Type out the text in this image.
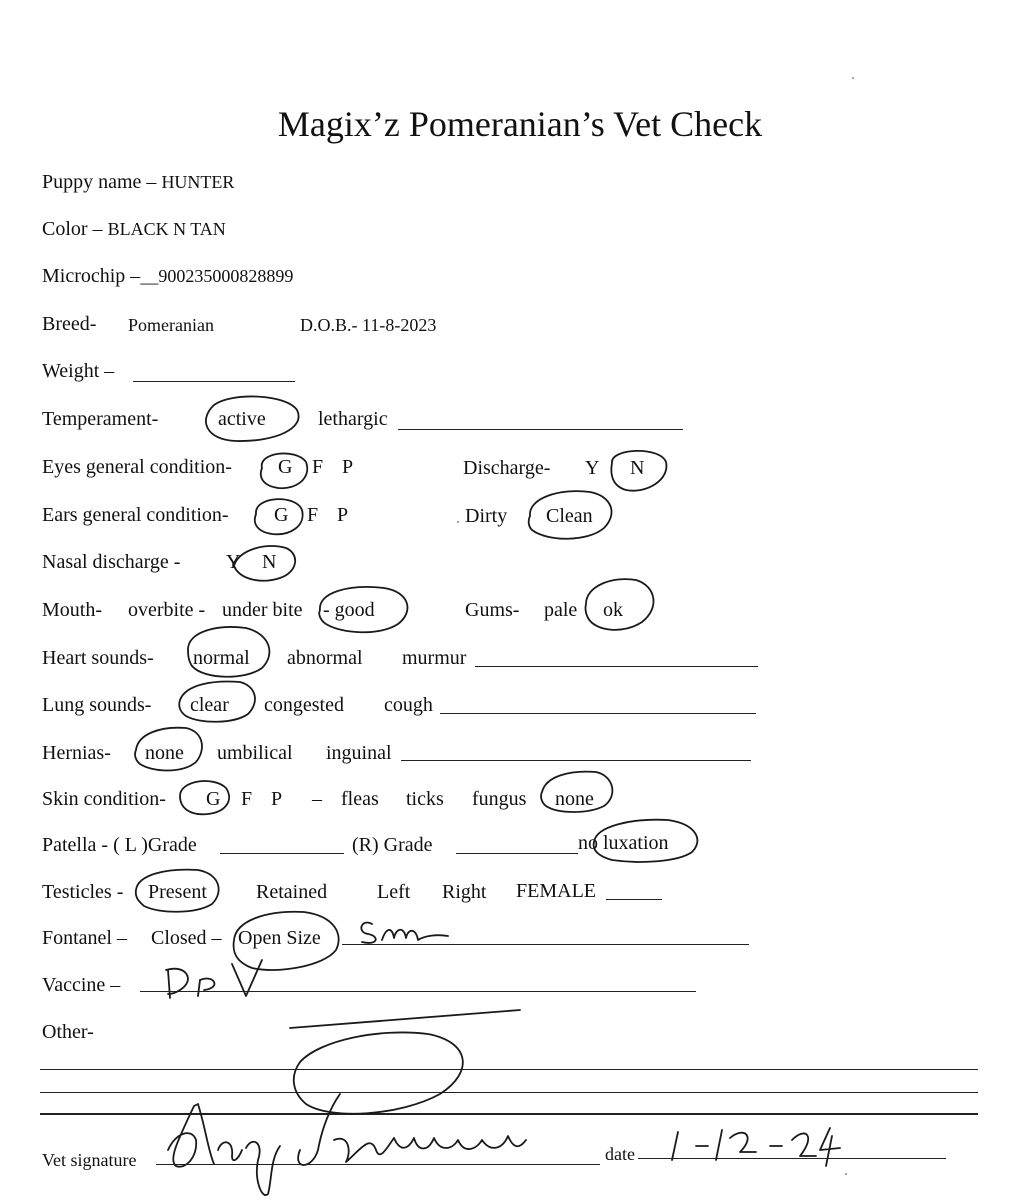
Magix’z Pomeranian’s Vet Check
Puppy name – HUNTER
Color – BLACK N TAN
Microchip –__900235000828899
Breed- Pomeranian	D.O.B.- 11-8-2023
Weight –
Temperament-	active	lethargic
Eyes general condition- G F P	Discharge- Y N
Ears general condition- G F P	Dirty Clean
Nasal discharge - Y N
Mouth- overbite - under bite - good	Gums- pale ok
Heart sounds- normal abnormal murmur
Lung sounds- clear congested cough
Hernias- none umbilical inguinal
Skin condition- G F P – fleas ticks fungus none
Patella - ( L )Grade	(R) Grade	no luxation
Testicles - Present Retained Left Right FEMALE
Fontanel – Closed – Open Size
Vaccine –
Other-
Vet signature	date
